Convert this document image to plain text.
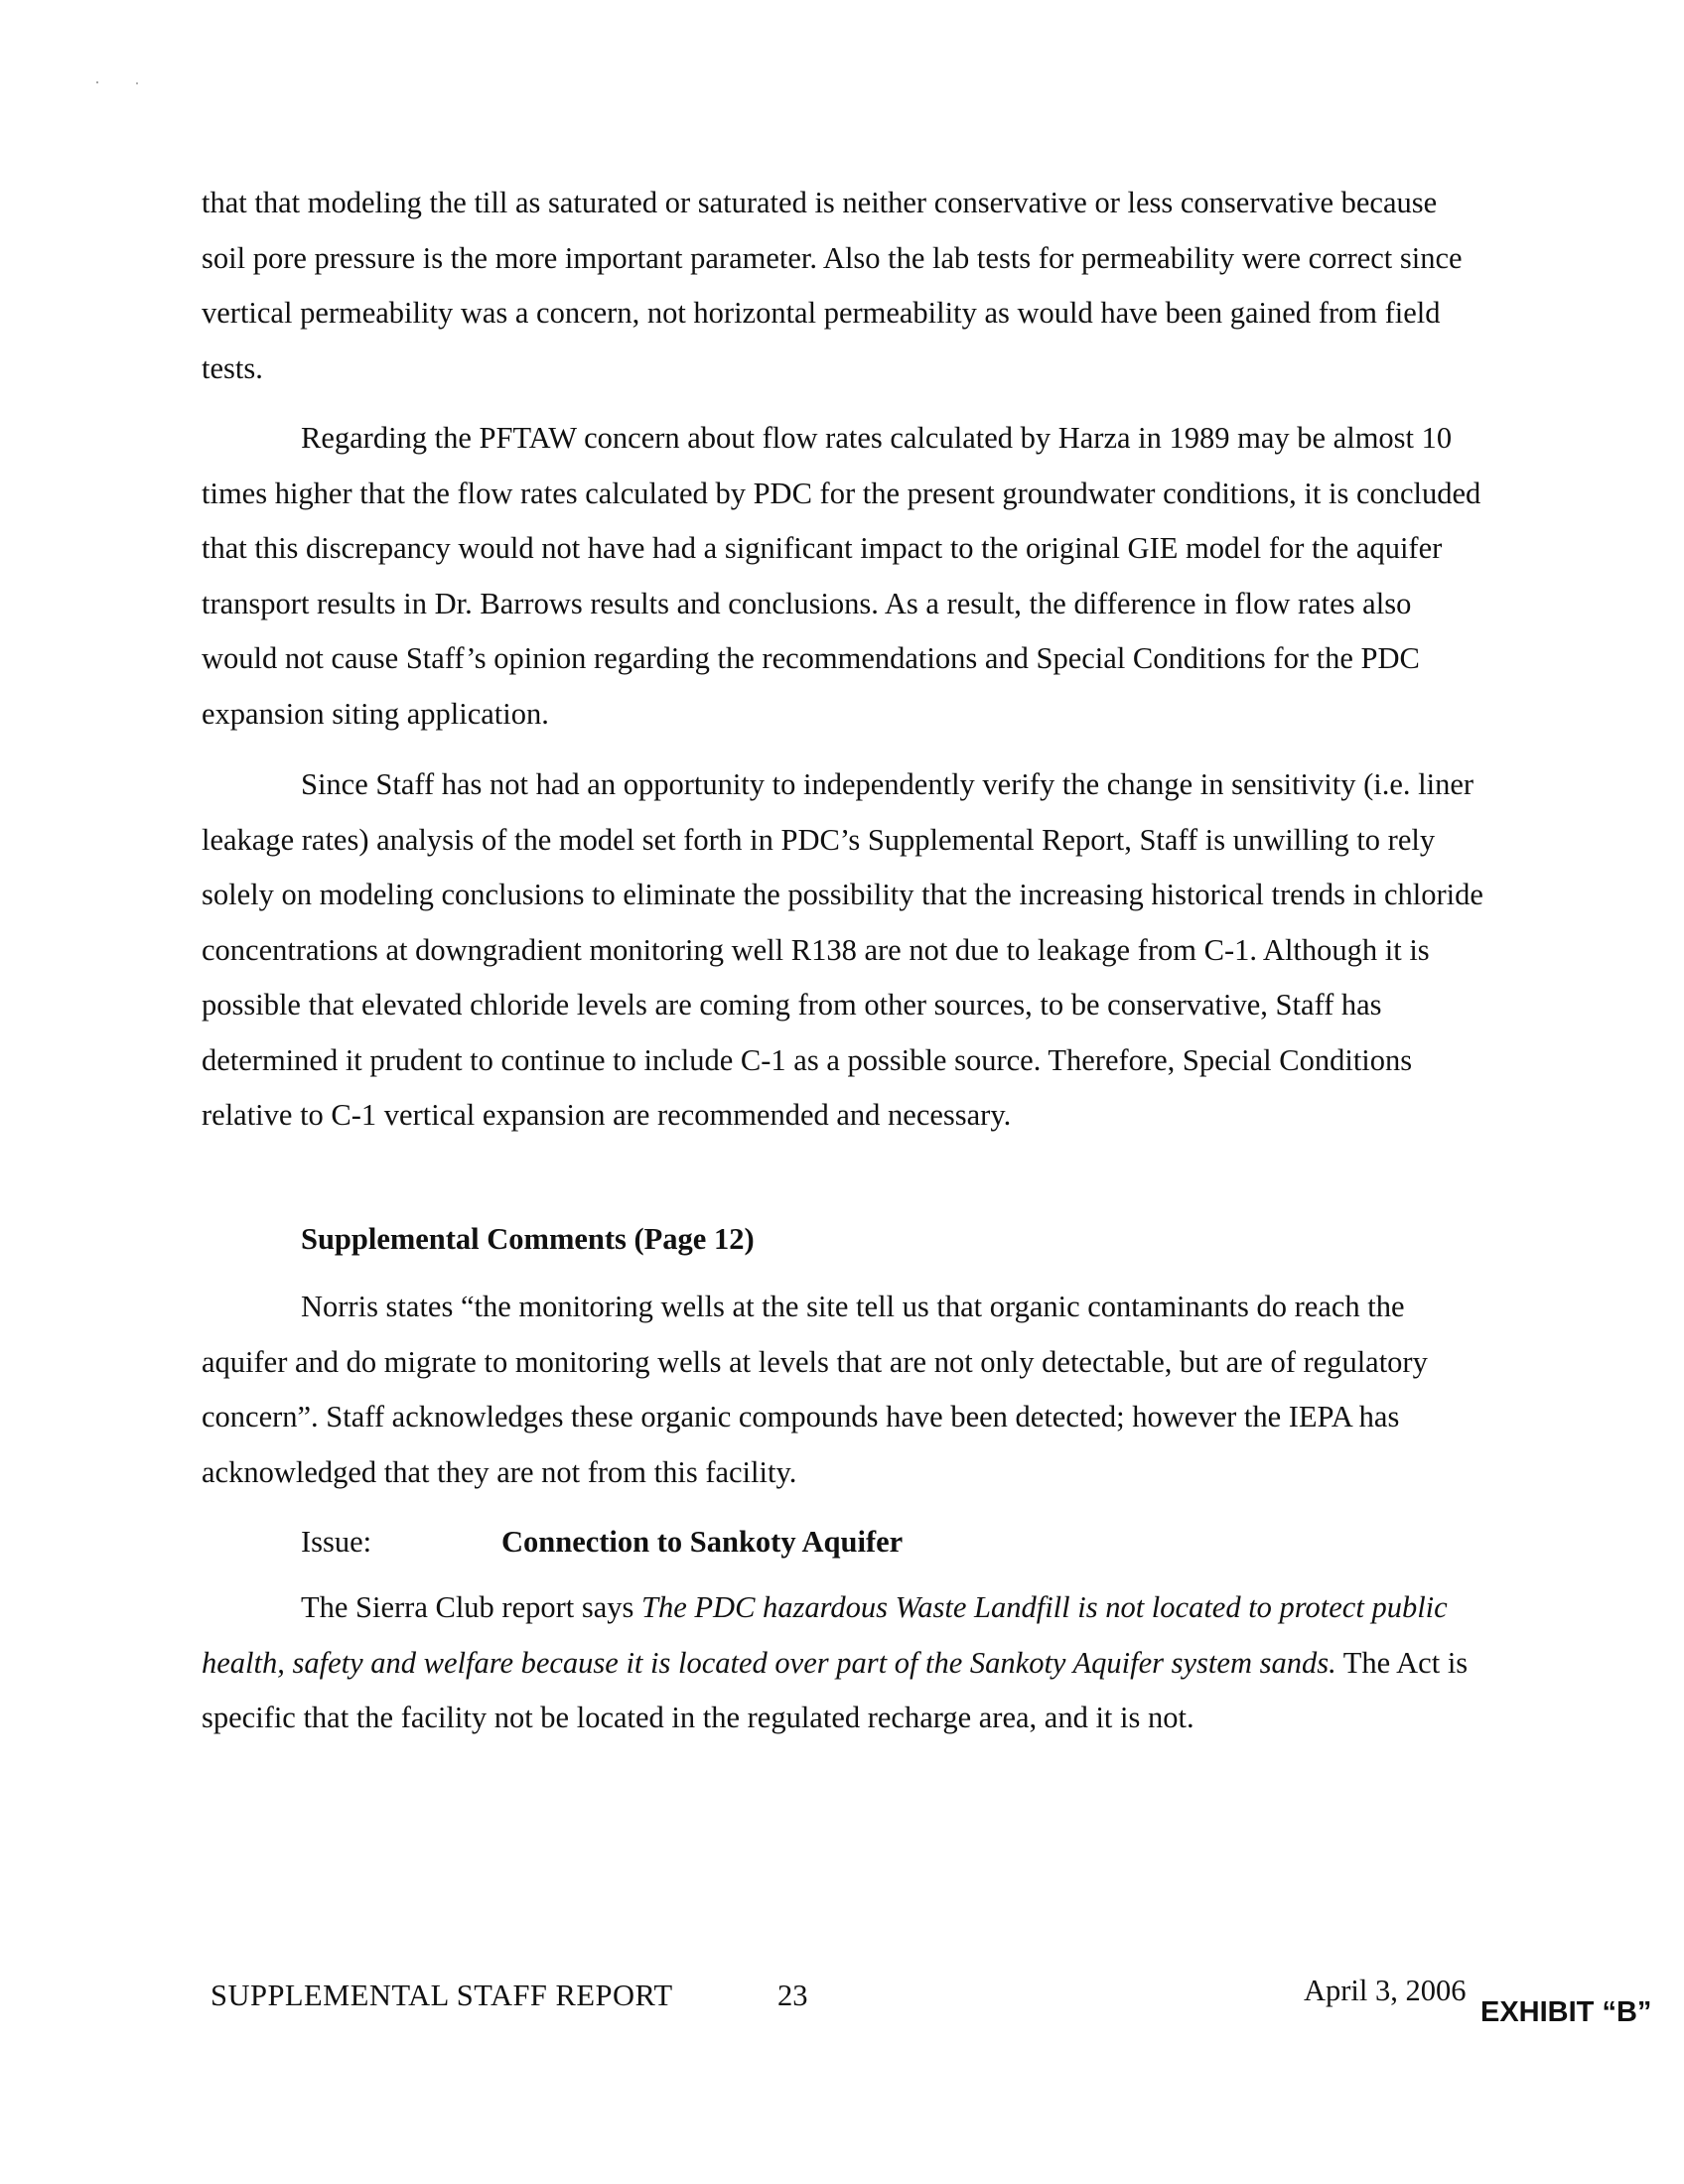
that that modeling the till as saturated or saturated is neither conservative or less conservative because soil pore pressure is the more important parameter. Also the lab tests for permeability were correct since vertical permeability was a concern, not horizontal permeability as would have been gained from field tests.

Regarding the PFTAW concern about flow rates calculated by Harza in 1989 may be almost 10 times higher that the flow rates calculated by PDC for the present groundwater conditions, it is concluded that this discrepancy would not have had a significant impact to the original GIE model for the aquifer transport results in Dr. Barrows results and conclusions. As a result, the difference in flow rates also would not cause Staff’s opinion regarding the recommendations and Special Conditions for the PDC expansion siting application.

Since Staff has not had an opportunity to independently verify the change in sensitivity (i.e. liner leakage rates) analysis of the model set forth in PDC’s Supplemental Report, Staff is unwilling to rely solely on modeling conclusions to eliminate the possibility that the increasing historical trends in chloride concentrations at downgradient monitoring well R138 are not due to leakage from C-1. Although it is possible that elevated chloride levels are coming from other sources, to be conservative, Staff has determined it prudent to continue to include C-1 as a possible source. Therefore, Special Conditions relative to C-1 vertical expansion are recommended and necessary.

Supplemental Comments (Page 12)

Norris states “the monitoring wells at the site tell us that organic contaminants do reach the aquifer and do migrate to monitoring wells at levels that are not only detectable, but are of regulatory concern”. Staff acknowledges these organic compounds have been detected; however the IEPA has acknowledged that they are not from this facility.

Issue:	Connection to Sankoty Aquifer

The Sierra Club report says The PDC hazardous Waste Landfill is not located to protect public health, safety and welfare because it is located over part of the Sankoty Aquifer system sands. The Act is specific that the facility not be located in the regulated recharge area, and it is not.

SUPPLEMENTAL STAFF REPORT	23	April 3, 2006
EXHIBIT “B”
